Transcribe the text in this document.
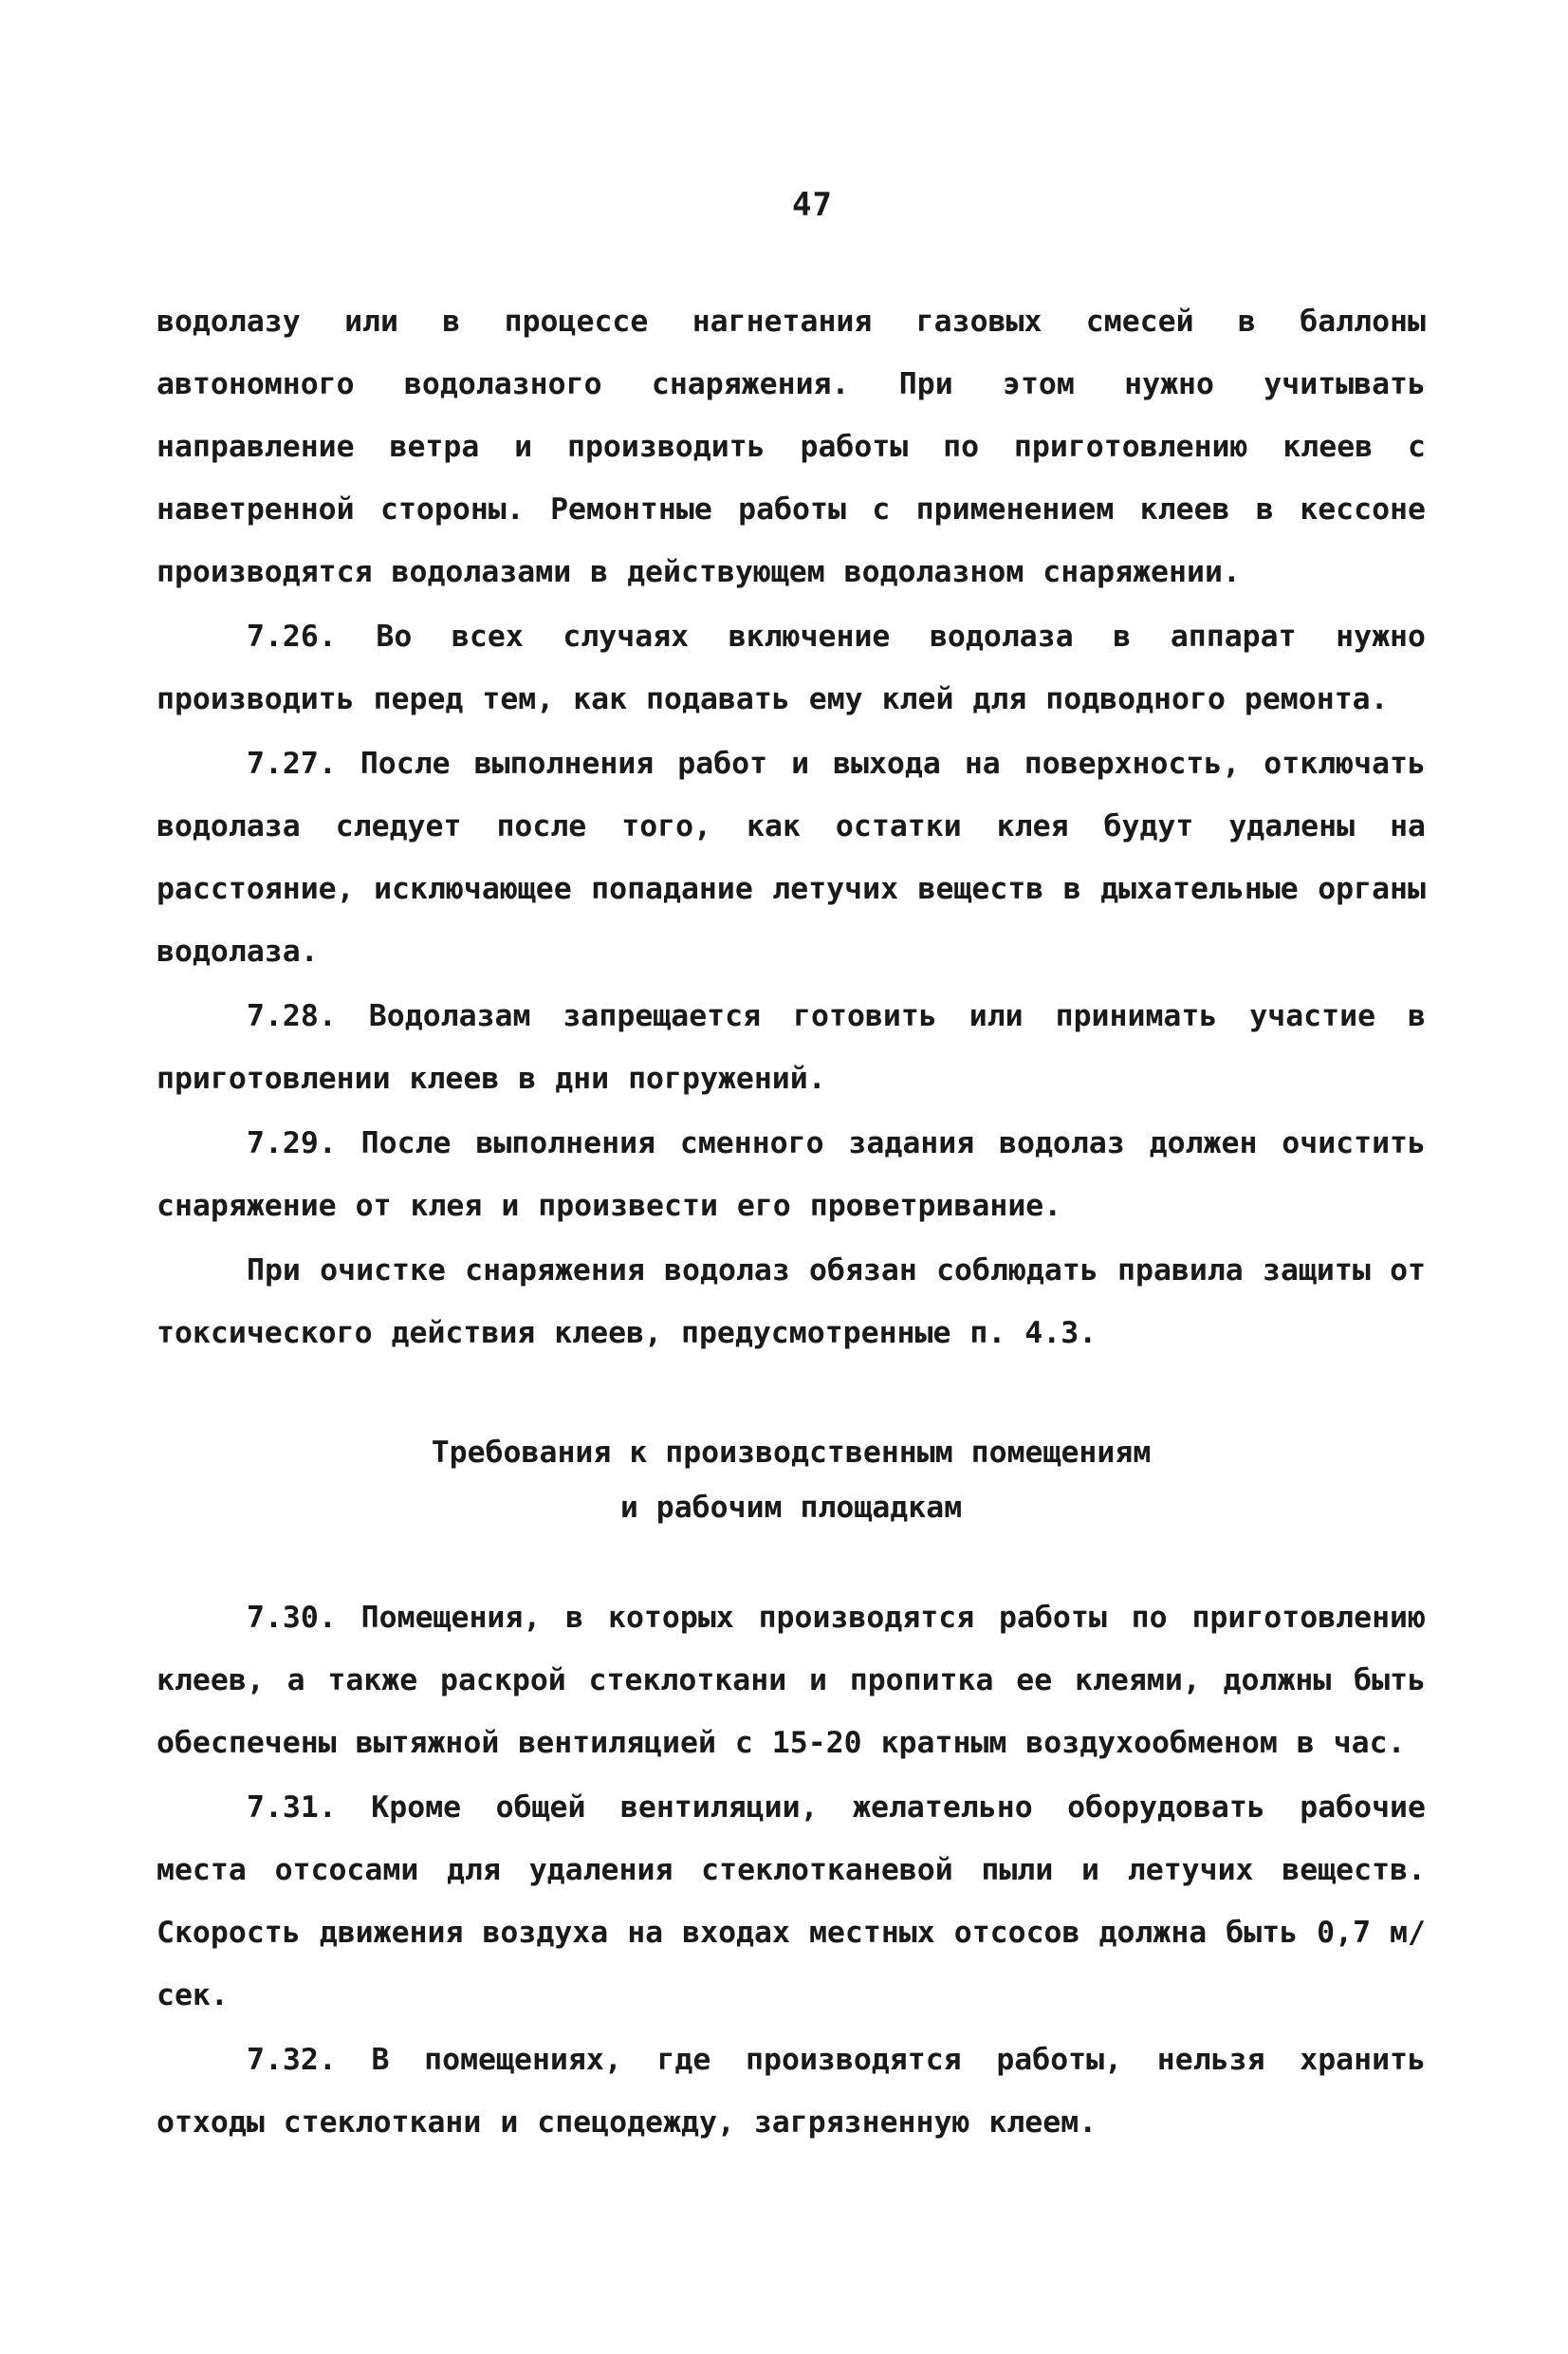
47

водолазу или в процессе нагнетания газовых смесей в баллоны автономного водолазного снаряжения. При этом нужно учитывать направление ветра и производить работы по приготовлению клеев с наветренной стороны. Ремонтные работы с применением клеев в кессоне производятся водолазами в действующем водолазном снаряжении.

7.26. Во всех случаях включение водолаза в аппарат нужно производить перед тем, как подавать ему клей для подводного ремонта.

7.27. После выполнения работ и выхода на поверхность, отключать водолаза следует после того, как остатки клея будут удалены на расстояние, исключающее попадание летучих веществ в дыхательные органы водолаза.

7.28. Водолазам запрещается готовить или принимать участие в приготовлении клеев в дни погружений.

7.29. После выполнения сменного задания водолаз должен очистить снаряжение от клея и произвести его проветривание.

При очистке снаряжения водолаз обязан соблюдать правила защиты от токсического действия клеев, предусмотренные п. 4.3.

Требования к производственным помещениям
и рабочим площадкам

7.30. Помещения, в которых производятся работы по приготовлению клеев, а также раскрой стеклоткани и пропитка ее клеями, должны быть обеспечены вытяжной вентиляцией с 15-20 кратным воздухообменом в час.

7.31. Кроме общей вентиляции, желательно оборудовать рабочие места отсосами для удаления стеклотканевой пыли и летучих веществ. Скорость движения воздуха на входах местных отсосов должна быть 0,7 м/сек.

7.32. В помещениях, где производятся работы, нельзя хранить отходы стеклоткани и спецодежду, загрязненную клеем.
